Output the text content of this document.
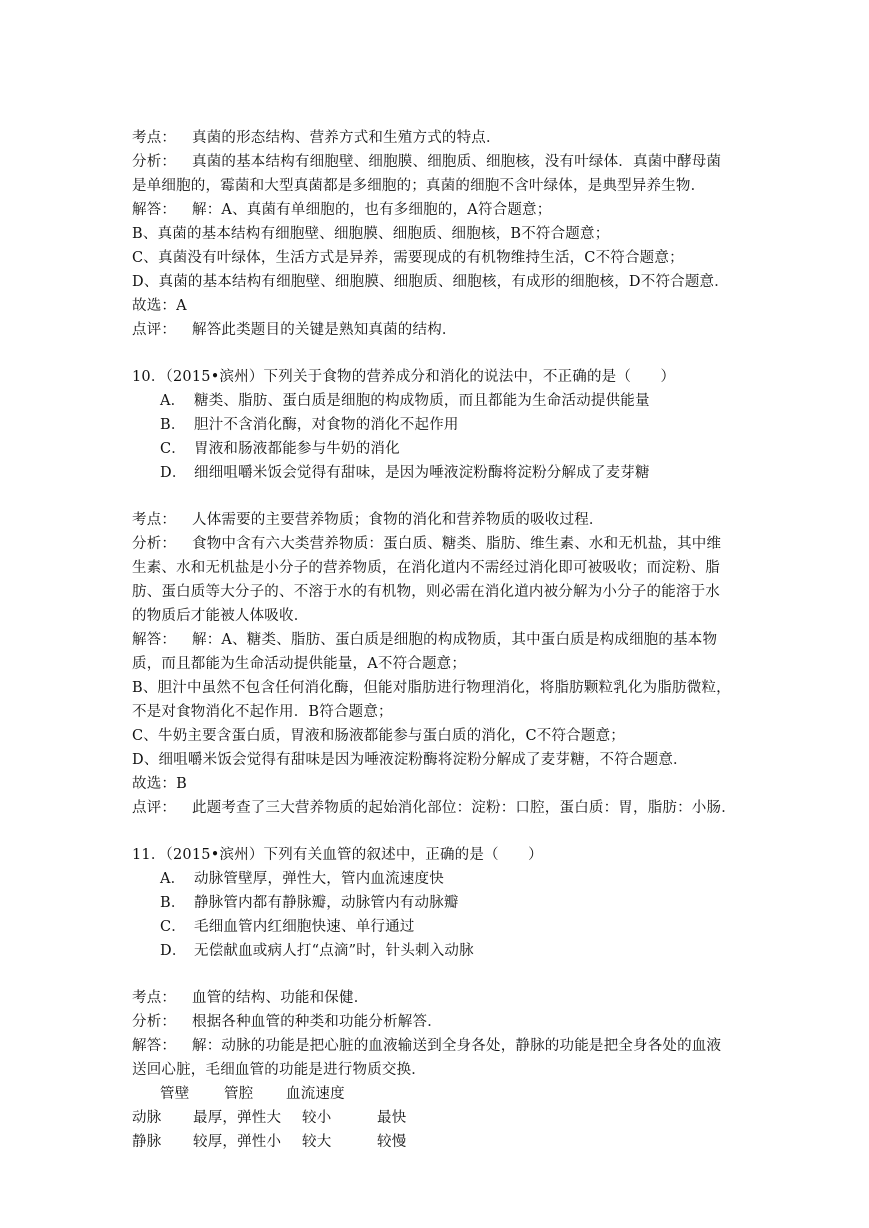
考点： 真菌的形态结构、营养方式和生殖方式的特点．
分析： 真菌的基本结构有细胞壁、细胞膜、细胞质、细胞核，没有叶绿体．真菌中酵母菌
是单细胞的，霉菌和大型真菌都是多细胞的；真菌的细胞不含叶绿体，是典型异养生物．
解答： 解：A、真菌有单细胞的，也有多细胞的，A符合题意；
B、真菌的基本结构有细胞壁、细胞膜、细胞质、细胞核，B不符合题意；
C、真菌没有叶绿体，生活方式是异养，需要现成的有机物维持生活，C不符合题意；
D、真菌的基本结构有细胞壁、细胞膜、细胞质、细胞核，有成形的细胞核，D不符合题意．
故选：A
点评： 解答此类题目的关键是熟知真菌的结构．
10．（2015•滨州）下列关于食物的营养成分和消化的说法中，不正确的是（　　）
A． 糖类、脂肪、蛋白质是细胞的构成物质，而且都能为生命活动提供能量
B． 胆汁不含消化酶，对食物的消化不起作用
C． 胃液和肠液都能参与牛奶的消化
D． 细细咀嚼米饭会觉得有甜味，是因为唾液淀粉酶将淀粉分解成了麦芽糖
考点： 人体需要的主要营养物质；食物的消化和营养物质的吸收过程．
分析： 食物中含有六大类营养物质：蛋白质、糖类、脂肪、维生素、水和无机盐，其中维
生素、水和无机盐是小分子的营养物质，在消化道内不需经过消化即可被吸收；而淀粉、脂
肪、蛋白质等大分子的、不溶于水的有机物，则必需在消化道内被分解为小分子的能溶于水
的物质后才能被人体吸收．
解答： 解：A、糖类、脂肪、蛋白质是细胞的构成物质，其中蛋白质是构成细胞的基本物
质，而且都能为生命活动提供能量，A不符合题意；
B、胆汁中虽然不包含任何消化酶，但能对脂肪进行物理消化，将脂肪颗粒乳化为脂肪微粒，
不是对食物消化不起作用．B符合题意；
C、牛奶主要含蛋白质，胃液和肠液都能参与蛋白质的消化，C不符合题意；
D、细咀嚼米饭会觉得有甜味是因为唾液淀粉酶将淀粉分解成了麦芽糖，不符合题意．
故选：B
点评： 此题考查了三大营养物质的起始消化部位：淀粉：口腔，蛋白质：胃，脂肪：小肠．
11．（2015•滨州）下列有关血管的叙述中，正确的是（　　）
A． 动脉管壁厚，弹性大，管内血流速度快
B． 静脉管内都有静脉瓣，动脉管内有动脉瓣
C． 毛细血管内红细胞快速、单行通过
D． 无偿献血或病人打“点滴”时，针头刺入动脉
考点： 血管的结构、功能和保健．
分析： 根据各种血管的种类和功能分析解答．
解答： 解：动脉的功能是把心脏的血液输送到全身各处，静脉的功能是把全身各处的血液
送回心脏，毛细血管的功能是进行物质交换．
管壁 管腔 血流速度
动脉 最厚，弹性大 较小	最快
静脉 较厚，弹性小 较大	较慢
